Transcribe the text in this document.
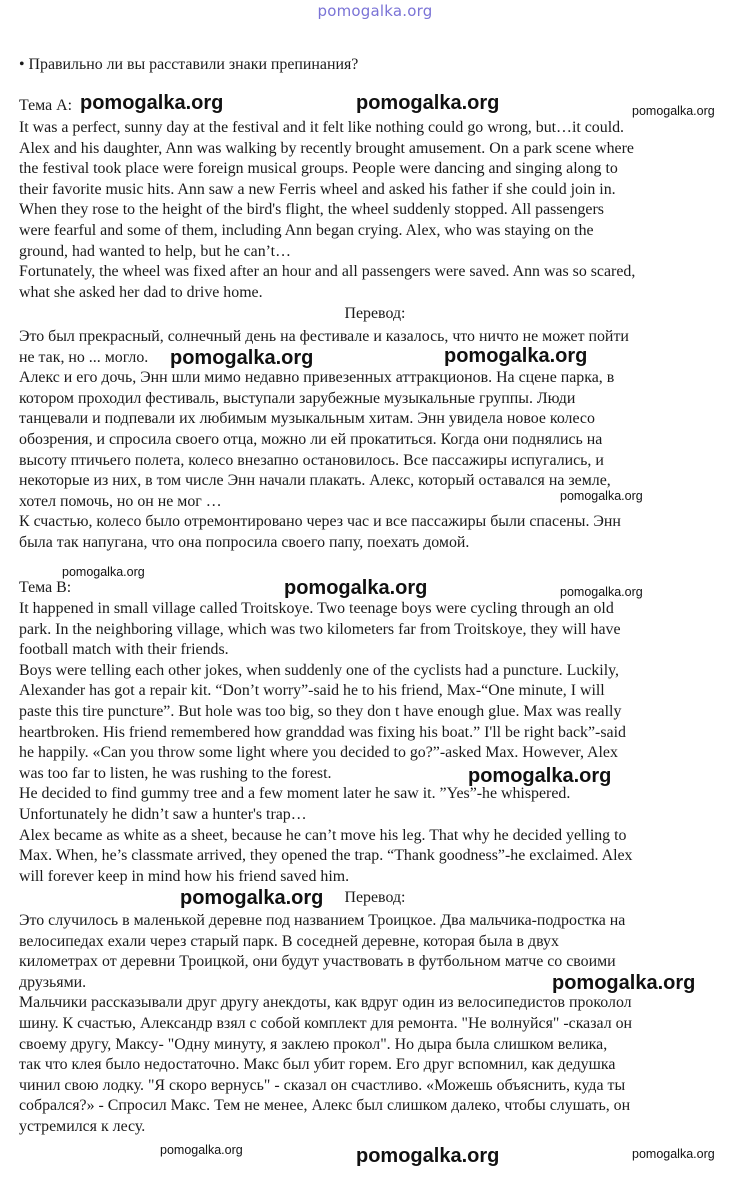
pomogalka.org
• Правильно ли вы расставили знаки препинания?
Тема А:
It was a perfect, sunny day at the festival and it felt like nothing could go wrong, but…it could.
Alex and his daughter, Ann was walking by recently brought amusement. On a park scene where
the festival took place were foreign musical groups. People were dancing and singing along to
their favorite music hits. Ann saw a new Ferris wheel and asked his father if she could join in.
When they rose to the height of the bird's flight, the wheel suddenly stopped. All passengers
were fearful and some of them, including Ann began crying. Alex, who was staying on the
ground, had wanted to help, but he can’t…
Fortunately, the wheel was fixed after an hour and all passengers were saved. Ann was so scared,
what she asked her dad to drive home.
Перевод:
Это был прекрасный, солнечный день на фестивале и казалось, что ничто не может пойти
не так, но ... могло.
Алекс и его дочь, Энн шли мимо недавно привезенных аттракционов. На сцене парка, в
котором проходил фестиваль, выступали зарубежные музыкальные группы. Люди
танцевали и подпевали их любимым музыкальным хитам. Энн увидела новое колесо
обозрения, и спросила своего отца, можно ли ей прокатиться. Когда они поднялись на
высоту птичьего полета, колесо внезапно остановилось. Все пассажиры испугались, и
некоторые из них, в том числе Энн начали плакать. Алекс, который оставался на земле,
хотел помочь, но он не мог …
К счастью, колесо было отремонтировано через час и все пассажиры были спасены. Энн
была так напугана, что она попросила своего папу, поехать домой.
Тема В:
It happened in small village called Troitskoye. Two teenage boys were cycling through an old
park. In the neighboring village, which was two kilometers far from Troitskoye, they will have
football match with their friends.
Boys were telling each other jokes, when suddenly one of the cyclists had a puncture. Luckily,
Alexander has got a repair kit. “Don’t worry”-said he to his friend, Max-“One minute, I will
paste this tire puncture”. But hole was too big, so they don t have enough glue. Max was really
heartbroken. His friend remembered how granddad was fixing his boat.” I'll be right back”-said
he happily. «Can you throw some light where you decided to go?”-asked Max. However, Alex
was too far to listen, he was rushing to the forest.
He decided to find gummy tree and a few moment later he saw it. ”Yes”-he whispered.
Unfortunately he didn’t saw a hunter's trap…
Alex became as white as a sheet, because he can’t move his leg. That why he decided yelling to
Max. When, he’s classmate arrived, they opened the trap. “Thank goodness”-he exclaimed. Alex
will forever keep in mind how his friend saved him.
Перевод:
Это случилось в маленькой деревне под названием Троицкое. Два мальчика-подростка на
велосипедах ехали через старый парк. В соседней деревне, которая была в двух
километрах от деревни Троицкой, они будут участвовать в футбольном матче со своими
друзьями.
Мальчики рассказывали друг другу анекдоты, как вдруг один из велосипедистов проколол
шину. К счастью, Александр взял с собой комплект для ремонта. "Не волнуйся" -сказал он
своему другу, Максу- "Одну минуту, я заклею прокол". Но дыра была слишком велика,
так что клея было недостаточно. Макс был убит горем. Его друг вспомнил, как дедушка
чинил свою лодку. "Я скоро вернусь" - сказал он счастливо. «Можешь объяснить, куда ты
собрался?» - Спросил Макс. Тем не менее, Алекс был слишком далеко, чтобы слушать, он
устремился к лесу.
pomogalka.org	pomogalka.org	pomogalka.org
pomogalka.org	pomogalka.org
pomogalka.org
pomogalka.org
pomogalka.org	pomogalka.org
pomogalka.org
pomogalka.org
pomogalka.org
pomogalka.org	pomogalka.org	pomogalka.org
